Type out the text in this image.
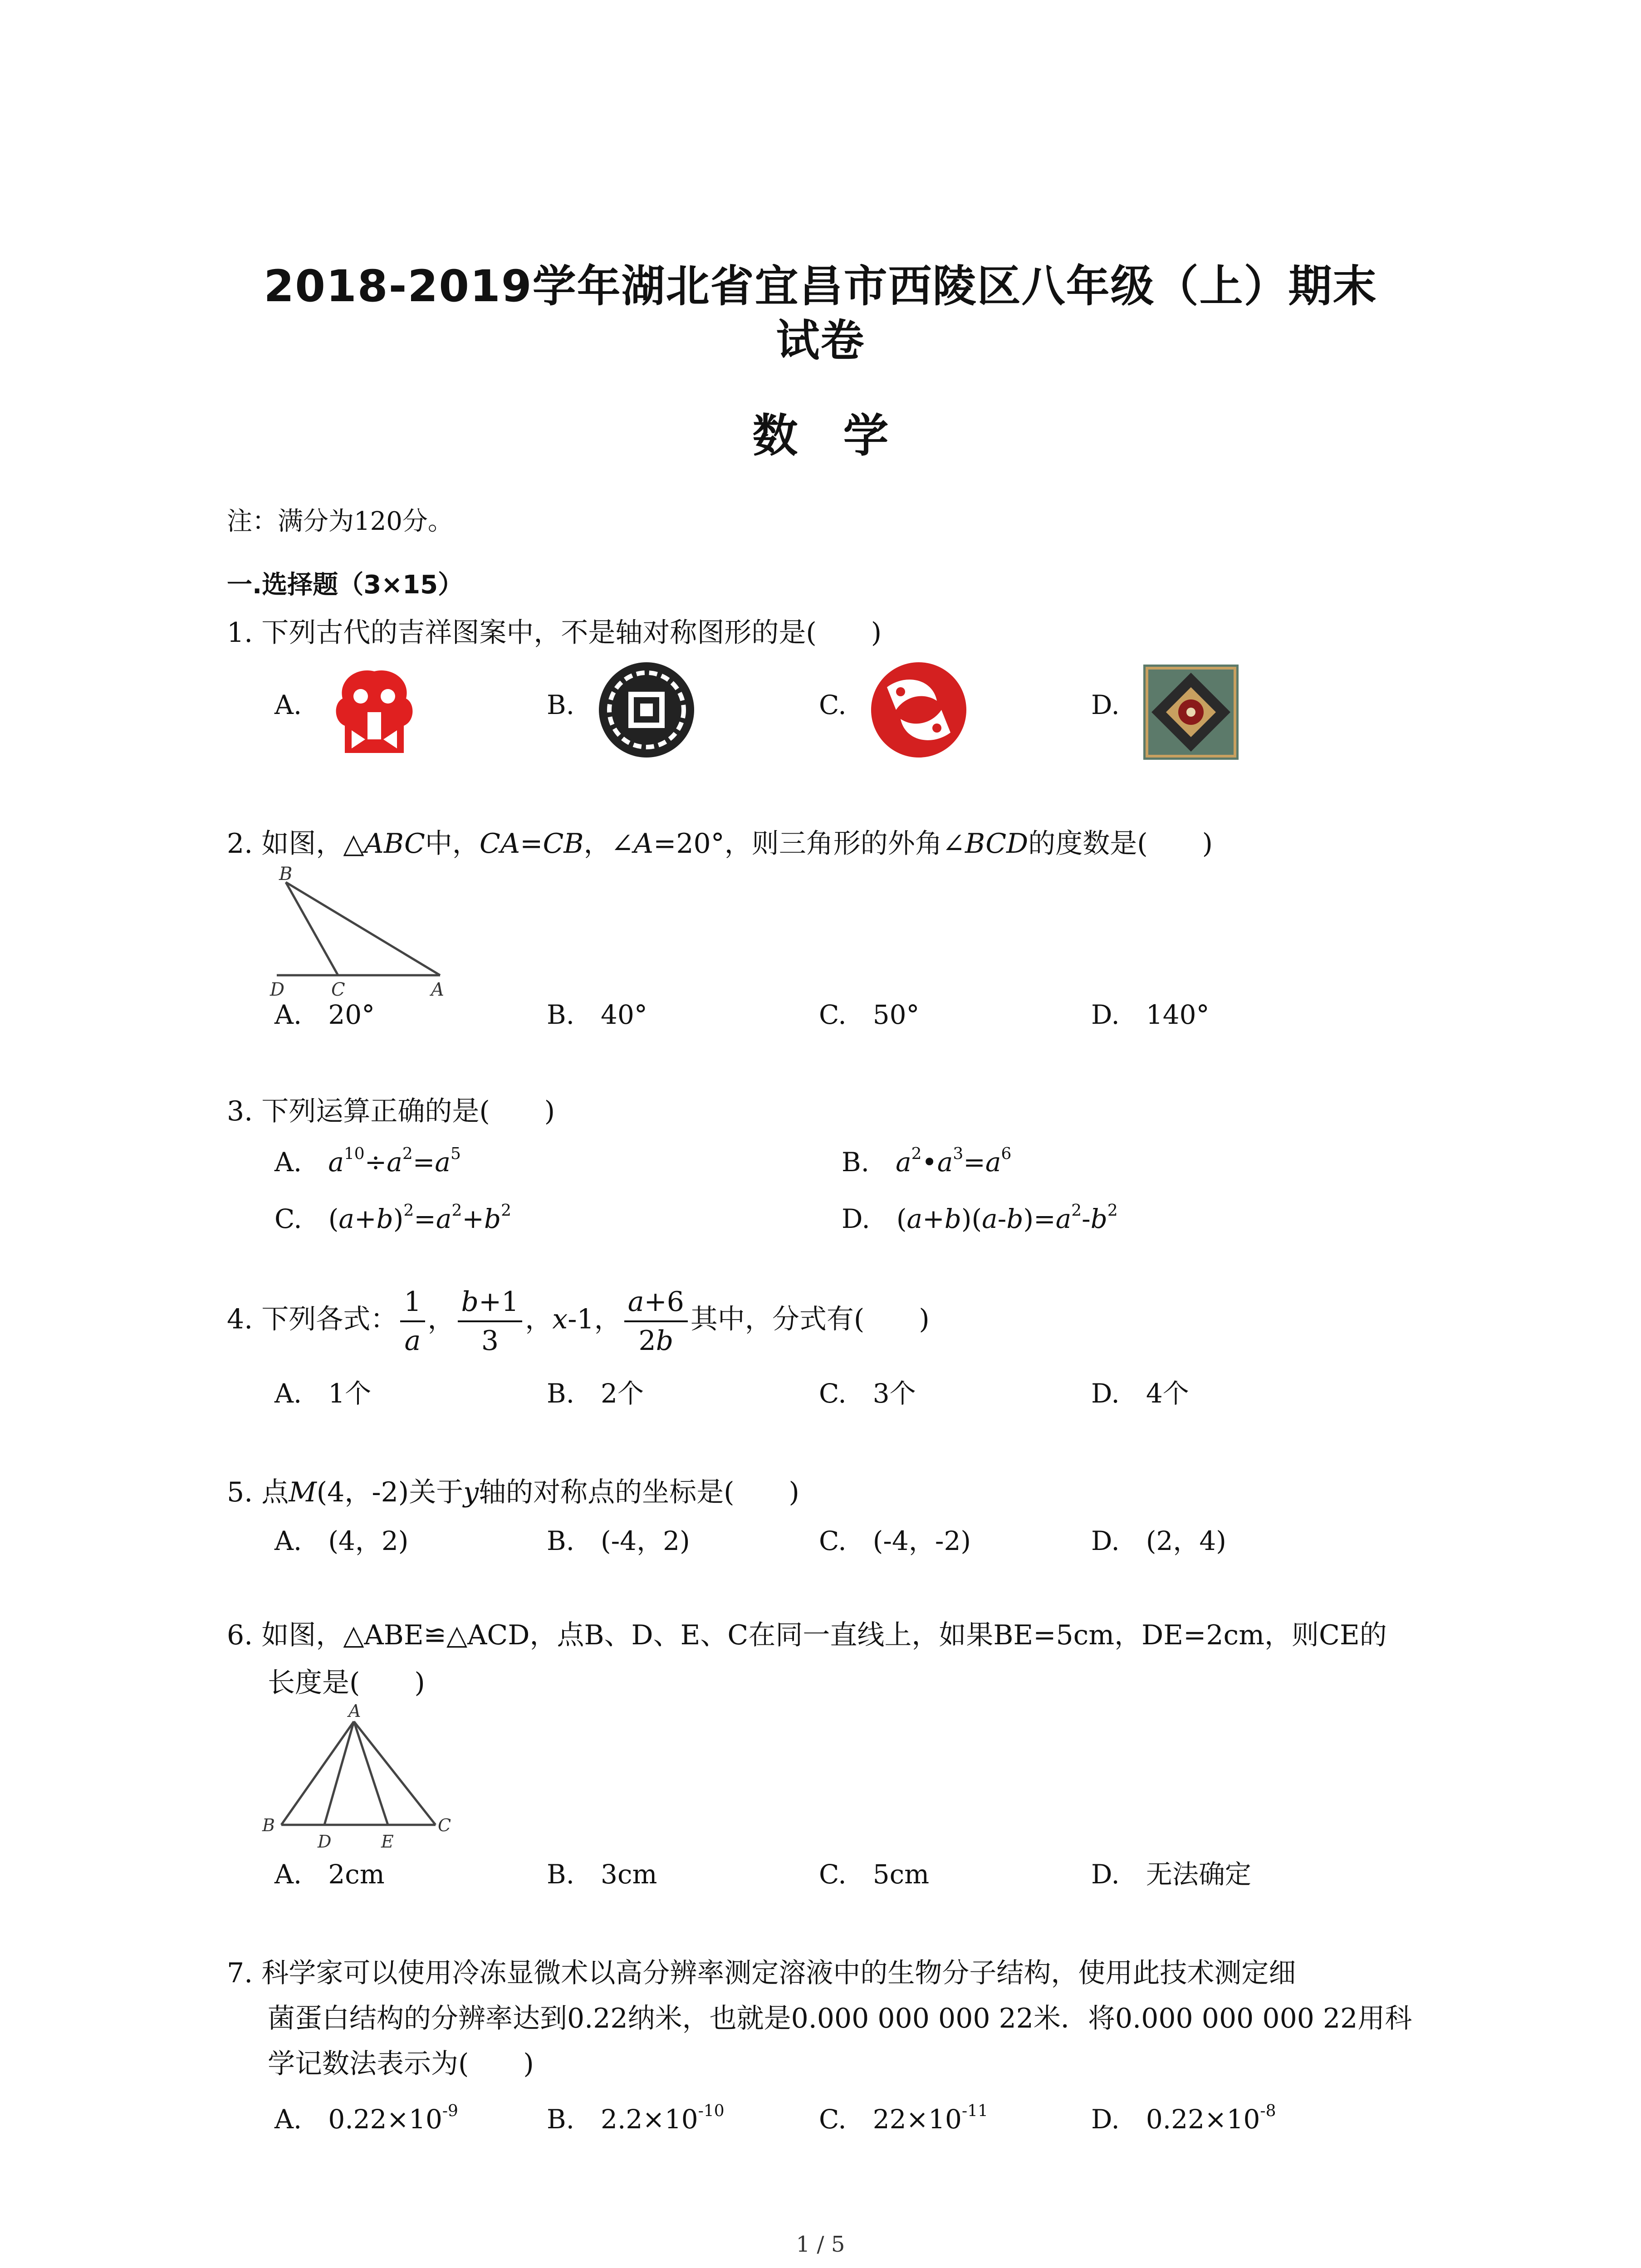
2018-2019学年湖北省宜昌市西陵区八年级（上）期末
试卷
数学
注：满分为120分。
一.选择题（3×15）
1. 下列古代的吉祥图案中，不是轴对称图形的是(　　)
A.	B.	C.	D.
2. 如图，△ABC中，CA=CB，∠A=20°，则三角形的外角∠BCD的度数是(　　)
B
D	C	A
A.　20°	B.　40°	C.　50°	D.　140°
3. 下列运算正确的是(　　)
A.　 $a^{10}\div a^2=a^5$	B.　 $a^2•a^3=a^6$
C.　$(a+b)^2=a^2+b^2$	D.　$(a+b)(a-b)=a^2-b^2$
4. 下列各式： $\frac{1}{a}$ ， $\frac{b+1}{3}$ ，x-1， $\frac{a+6}{2b}$ 其中，分式有(　　)
A.　1个	B.　2个	C.　3个	D.　4个
5. 点M(4，-2)关于y轴的对称点的坐标是(　　)
A.　(4，2)	B.　(-4，2)	C.　(-4，-2)	D.　(2，4)
6. 如图，△ABE≌△ACD，点B、D、E、C在同一直线上，如果BE=5cm，DE=2cm，则CE的
长度是(　　)
A
B
D	E
C
A.　2cm	B.　3cm	C.　5cm	D.　无法确定
7. 科学家可以使用冷冻显微术以高分辨率测定溶液中的生物分子结构，使用此技术测定细
菌蛋白结构的分辨率达到0.22纳米，也就是0.000 000 000 22米．将0.000 000 000 22用科
学记数法表示为(　　)
A.　$0.22\times 10^{-9}$	B.　$2.2\times 10^{-10}$	C.　$22\times 10^{-11}$	D.　$0.22\times 10^{-8}$
1 / 5
